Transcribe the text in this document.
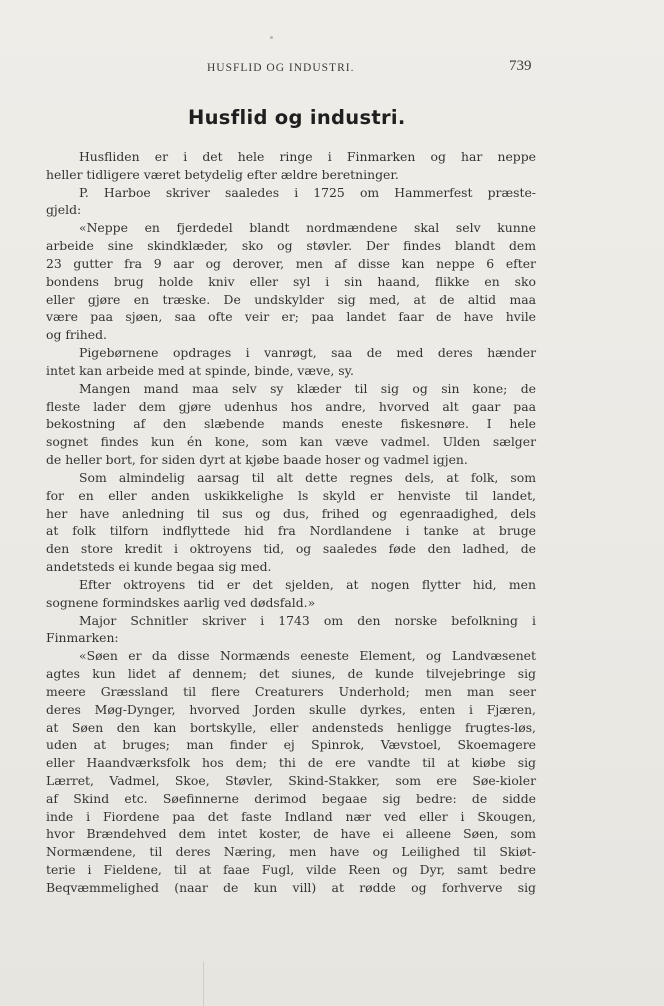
HUSFLID OG INDUSTRI.	739
Husflid og industri.
Husfliden er i det hele ringe i Finmarken og har neppe
heller tidligere været betydelig efter ældre beretninger.
P. Harboe skriver saaledes i 1725 om Hammerfest præste-
gjeld:
«Neppe en fjerdedel blandt nordmændene skal selv kunne
arbeide sine skindklæder, sko og støvler. Der findes blandt dem
23 gutter fra 9 aar og derover, men af disse kan neppe 6 efter
bondens brug holde kniv eller syl i sin haand, flikke en sko
eller gjøre en træske. De undskylder sig med, at de altid maa
være paa sjøen, saa ofte veir er; paa landet faar de have hvile
og frihed.
Pigebørnene opdrages i vanrøgt, saa de med deres hænder
intet kan arbeide med at spinde, binde, væve, sy.
Mangen mand maa selv sy klæder til sig og sin kone; de
fleste lader dem gjøre udenhus hos andre, hvorved alt gaar paa
bekostning af den slæbende mands eneste fiskesnøre. I hele
sognet findes kun én kone, som kan væve vadmel. Ulden sælger
de heller bort, for siden dyrt at kjøbe baade hoser og vadmel igjen.
Som almindelig aarsag til alt dette regnes dels, at folk, som
for en eller anden uskikkelighe ls skyld er henviste til landet,
her have anledning til sus og dus, frihed og egenraadighed, dels
at folk tilforn indflyttede hid fra Nordlandene i tanke at bruge
den store kredit i oktroyens tid, og saaledes føde den ladhed, de
andetsteds ei kunde begaa sig med.
Efter oktroyens tid er det sjelden, at nogen flytter hid, men
sognene formindskes aarlig ved dødsfald.»
Major Schnitler skriver i 1743 om den norske befolkning i
Finmarken:
«Søen er da disse Normænds eeneste Element, og Landvæsenet
agtes kun lidet af dennem; det siunes, de kunde tilvejebringe sig
meere Græssland til flere Creaturers Underhold; men man seer
deres Møg-Dynger, hvorved Jorden skulle dyrkes, enten i Fjæren,
at Søen den kan bortskylle, eller andensteds henligge frugtes-løs,
uden at bruges; man finder ej Spinrok, Vævstoel, Skoemagere
eller Haandværksfolk hos dem; thi de ere vandte til at kiøbe sig
Lærret, Vadmel, Skoe, Støvler, Skind-Stakker, som ere Søe-kioler
af Skind etc. Søefinnerne derimod begaae sig bedre: de sidde
inde i Fiordene paa det faste Indland nær ved eller i Skougen,
hvor Brændehved dem intet koster, de have ei alleene Søen, som
Normændene, til deres Næring, men have og Leilighed til Skiøt-
terie i Fieldene, til at faae Fugl, vilde Reen og Dyr, samt bedre
Beqvæmmelighed (naar de kun vill) at rødde og forhverve sig
